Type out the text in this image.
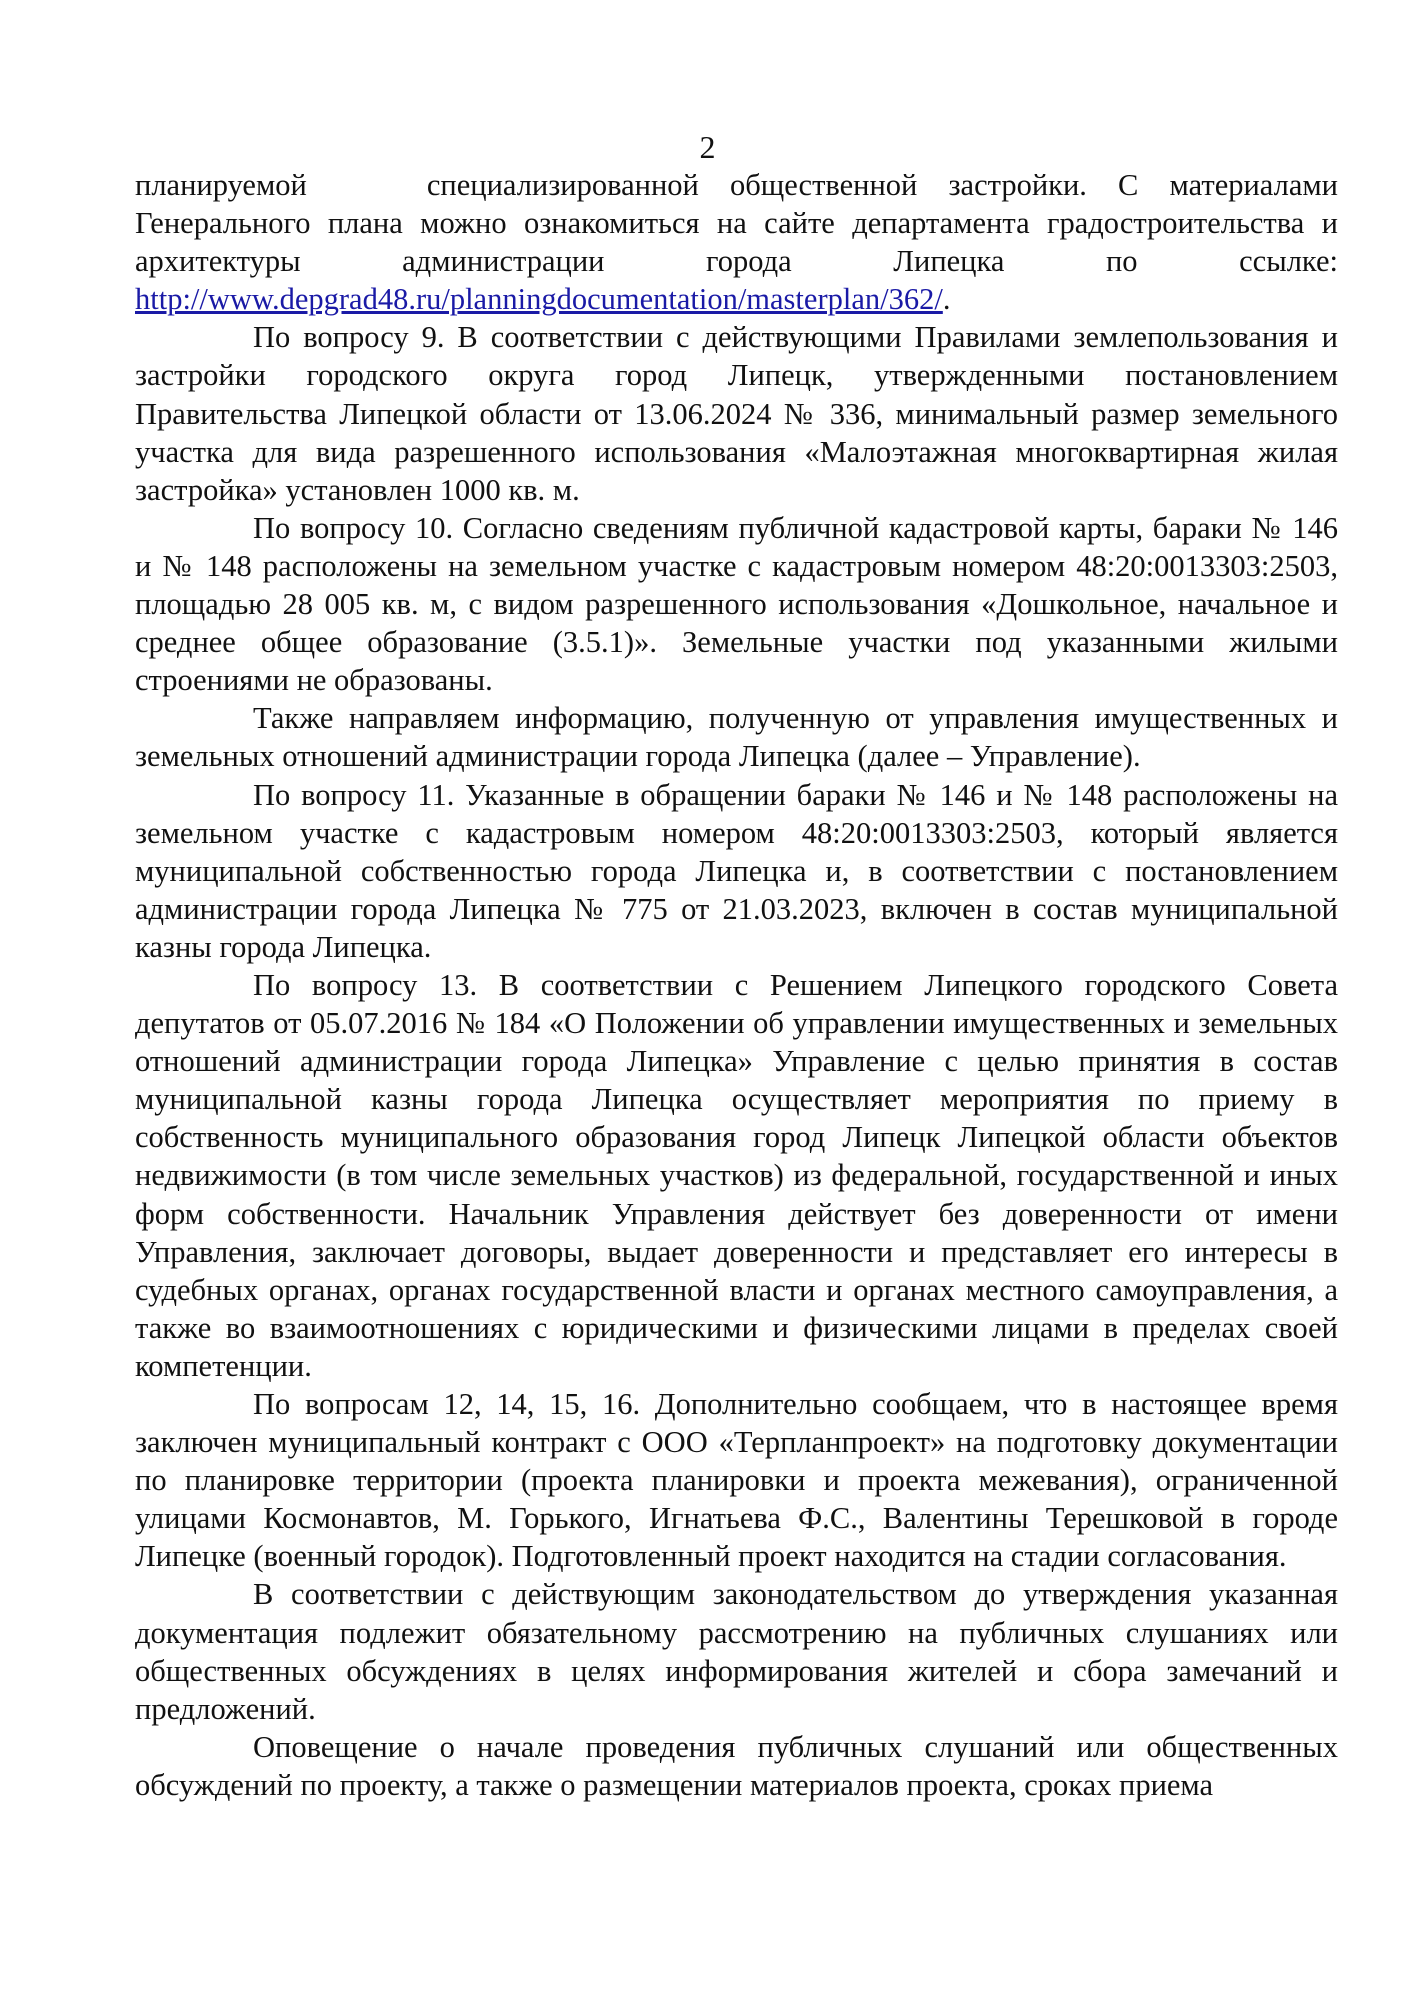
2

планируемой	специализированной общественной застройки. С материалами Генерального плана можно ознакомиться на сайте департамента градостроительства и архитектуры администрации города Липецка по ссылке: http://www.depgrad48.ru/planningdocumentation/masterplan/362/.

По вопросу 9. В соответствии с действующими Правилами землепользования и застройки городского округа город Липецк, утвержденными постановлением Правительства Липецкой области от 13.06.2024 № 336, минимальный размер земельного участка для вида разрешенного использования «Малоэтажная многоквартирная жилая застройка» установлен 1000 кв. м.

По вопросу 10. Согласно сведениям публичной кадастровой карты, бараки № 146 и № 148 расположены на земельном участке с кадастровым номером 48:20:0013303:2503, площадью 28 005 кв. м, с видом разрешенного использования «Дошкольное, начальное и среднее общее образование (3.5.1)». Земельные участки под указанными жилыми строениями не образованы.

Также направляем информацию, полученную от управления имущественных и земельных отношений администрации города Липецка (далее – Управление).

По вопросу 11. Указанные в обращении бараки № 146 и № 148 расположены на земельном участке с кадастровым номером 48:20:0013303:2503, который является муниципальной собственностью города Липецка и, в соответствии с постановлением администрации города Липецка № 775 от 21.03.2023, включен в состав муниципальной казны города Липецка.

По вопросу 13. В соответствии с Решением Липецкого городского Совета депутатов от 05.07.2016 № 184 «О Положении об управлении имущественных и земельных отношений администрации города Липецка» Управление с целью принятия в состав муниципальной казны города Липецка осуществляет мероприятия по приему в собственность муниципального образования город Липецк Липецкой области объектов недвижимости (в том числе земельных участков) из федеральной, государственной и иных форм собственности. Начальник Управления действует без доверенности от имени Управления, заключает договоры, выдает доверенности и представляет его интересы в судебных органах, органах государственной власти и органах местного самоуправления, а также во взаимоотношениях с юридическими и физическими лицами в пределах своей компетенции.

По вопросам 12, 14, 15, 16. Дополнительно сообщаем, что в настоящее время заключен муниципальный контракт с ООО «Терпланпроект» на подготовку документации по планировке территории (проекта планировки и проекта межевания), ограниченной улицами Космонавтов, М. Горького, Игнатьева Ф.С., Валентины Терешковой в городе Липецке (военный городок). Подготовленный проект находится на стадии согласования.

В соответствии с действующим законодательством до утверждения указанная документация подлежит обязательному рассмотрению на публичных слушаниях или общественных обсуждениях в целях информирования жителей и сбора замечаний и предложений.

Оповещение о начале проведения публичных слушаний или общественных обсуждений по проекту, а также о размещении материалов проекта, сроках приема
